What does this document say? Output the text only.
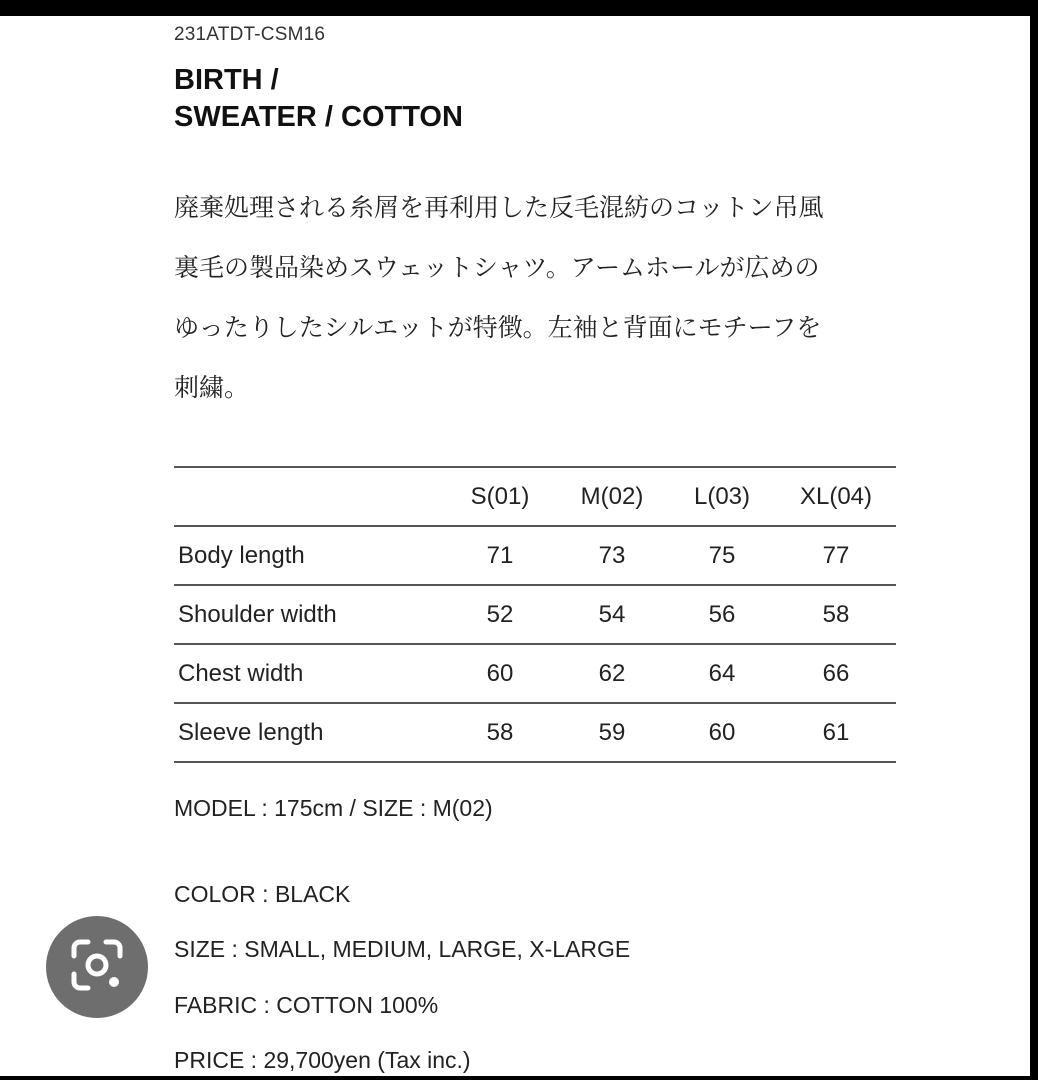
231ATDT-CSM16
BIRTH /
SWEATER / COTTON
廃棄処理される糸屑を再利用した反毛混紡のコットン吊風
裏毛の製品染めスウェットシャツ。アームホールが広めの
ゆったりしたシルエットが特徴。左袖と背面にモチーフを
刺繍。
	S(01)	M(02)	L(03)	XL(04)
Body length	71	73	75	77
Shoulder width	52	54	56	58
Chest width	60	62	64	66
Sleeve length	58	59	60	61
MODEL : 175cm / SIZE : M(02)
COLOR : BLACK
SIZE : SMALL, MEDIUM, LARGE, X-LARGE
FABRIC : COTTON 100%
PRICE : 29,700yen (Tax inc.)
